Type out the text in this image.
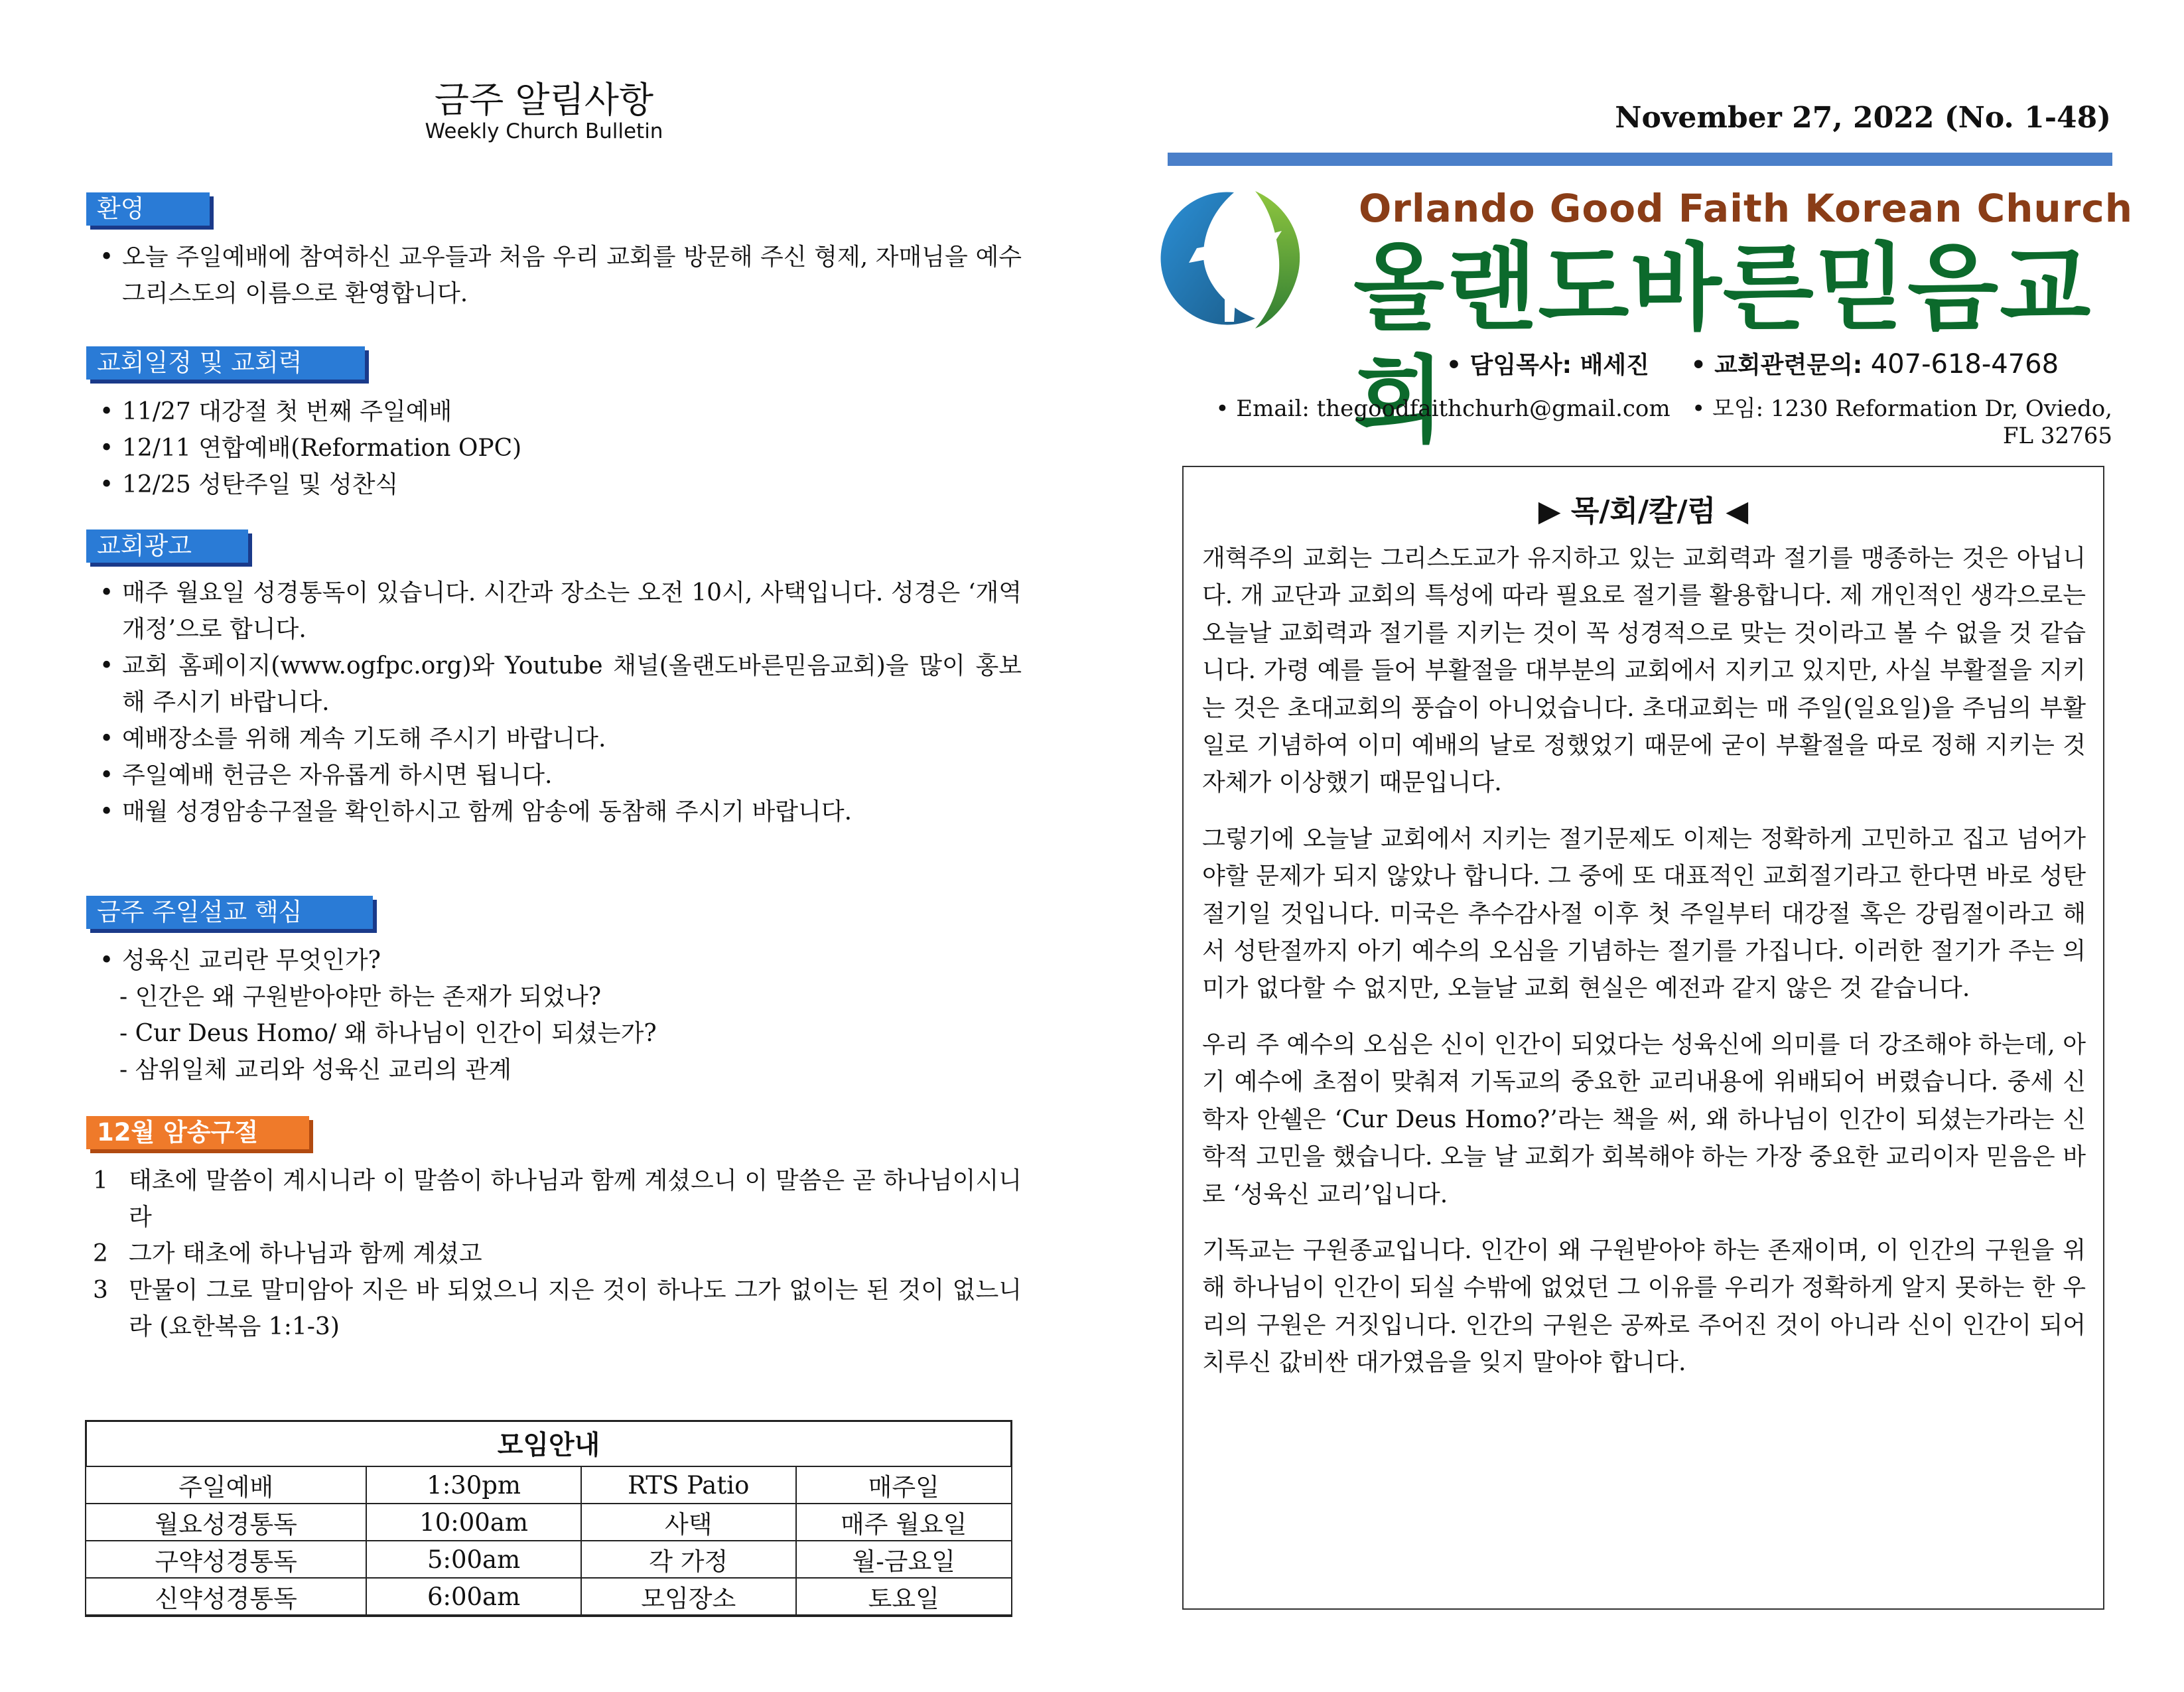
금주 알림사항
Weekly Church Bulletin
환영
• 오늘 주일예배에 참여하신 교우들과 처음 우리 교회를 방문해 주신 형제, 자매님을 예수 그리스도의 이름으로 환영합니다.
교회일정 및 교회력
• 11/27 대강절 첫 번째 주일예배
• 12/11 연합예배(Reformation OPC)
• 12/25 성탄주일 및 성찬식
교회광고
• 매주 월요일 성경통독이 있습니다. 시간과 장소는 오전 10시, 사택입니다. 성경은 ‘개역개정’으로 합니다.
• 교회 홈페이지(www.ogfpc.org)와 Youtube 채널(올랜도바른믿음교회)을 많이 홍보해 주시기 바랍니다.
• 예배장소를 위해 계속 기도해 주시기 바랍니다.
• 주일예배 헌금은 자유롭게 하시면 됩니다.
• 매월 성경암송구절을 확인하시고 함께 암송에 동참해 주시기 바랍니다.
금주 주일설교 핵심
• 성육신 교리란 무엇인가?
- 인간은 왜 구원받아야만 하는 존재가 되었나?
- Cur Deus Homo/ 왜 하나님이 인간이 되셨는가?
- 삼위일체 교리와 성육신 교리의 관계
12월 암송구절
1 태초에 말씀이 계시니라 이 말씀이 하나님과 함께 계셨으니 이 말씀은 곧 하나님이시니라
2 그가 태초에 하나님과 함께 계셨고
3 만물이 그로 말미암아 지은 바 되었으니 지은 것이 하나도 그가 없이는 된 것이 없느니라 (요한복음 1:1-3)
모임안내
주일예배	1:30pm	RTS Patio	매주일
월요성경통독	10:00am	사택	매주 월요일
구약성경통독	5:00am	각 가정	월-금요일
신약성경통독	6:00am	모임장소	토요일
November 27, 2022 (No. 1-48)
Orlando Good Faith Korean Church
올랜도바른믿음교회 • 담임목사: 배세진 • 교회관련문의: 407-618-4768
• Email: thegoodfaithchurh@gmail.com • 모임: 1230 Reformation Dr, Oviedo, FL 32765
▶ 목/회/칼/럼 ◀

개혁주의 교회는 그리스도교가 유지하고 있는 교회력과 절기를 맹종하는 것은 아닙니다. 개 교단과 교회의 특성에 따라 필요로 절기를 활용합니다. 제 개인적인 생각으로는 오늘날 교회력과 절기를 지키는 것이 꼭 성경적으로 맞는 것이라고 볼 수 없을 것 같습니다. 가령 예를 들어 부활절을 대부분의 교회에서 지키고 있지만, 사실 부활절을 지키는 것은 초대교회의 풍습이 아니었습니다. 초대교회는 매 주일(일요일)을 주님의 부활일로 기념하여 이미 예배의 날로 정했었기 때문에 굳이 부활절을 따로 정해 지키는 것 자체가 이상했기 때문입니다.

그렇기에 오늘날 교회에서 지키는 절기문제도 이제는 정확하게 고민하고 집고 넘어가야할 문제가 되지 않았나 합니다. 그 중에 또 대표적인 교회절기라고 한다면 바로 성탄절기일 것입니다. 미국은 추수감사절 이후 첫 주일부터 대강절 혹은 강림절이라고 해서 성탄절까지 아기 예수의 오심을 기념하는 절기를 가집니다. 이러한 절기가 주는 의미가 없다할 수 없지만, 오늘날 교회 현실은 예전과 같지 않은 것 같습니다.

우리 주 예수의 오심은 신이 인간이 되었다는 성육신에 의미를 더 강조해야 하는데, 아기 예수에 초점이 맞춰져 기독교의 중요한 교리내용에 위배되어 버렸습니다. 중세 신학자 안쉘은 ‘Cur Deus Homo?’라는 책을 써, 왜 하나님이 인간이 되셨는가라는 신학적 고민을 했습니다. 오늘 날 교회가 회복해야 하는 가장 중요한 교리이자 믿음은 바로 ‘성육신 교리’입니다.

기독교는 구원종교입니다. 인간이 왜 구원받아야 하는 존재이며, 이 인간의 구원을 위해 하나님이 인간이 되실 수밖에 없었던 그 이유를 우리가 정확하게 알지 못하는 한 우리의 구원은 거짓입니다. 인간의 구원은 공짜로 주어진 것이 아니라 신이 인간이 되어 치루신 값비싼 대가였음을 잊지 말아야 합니다.
